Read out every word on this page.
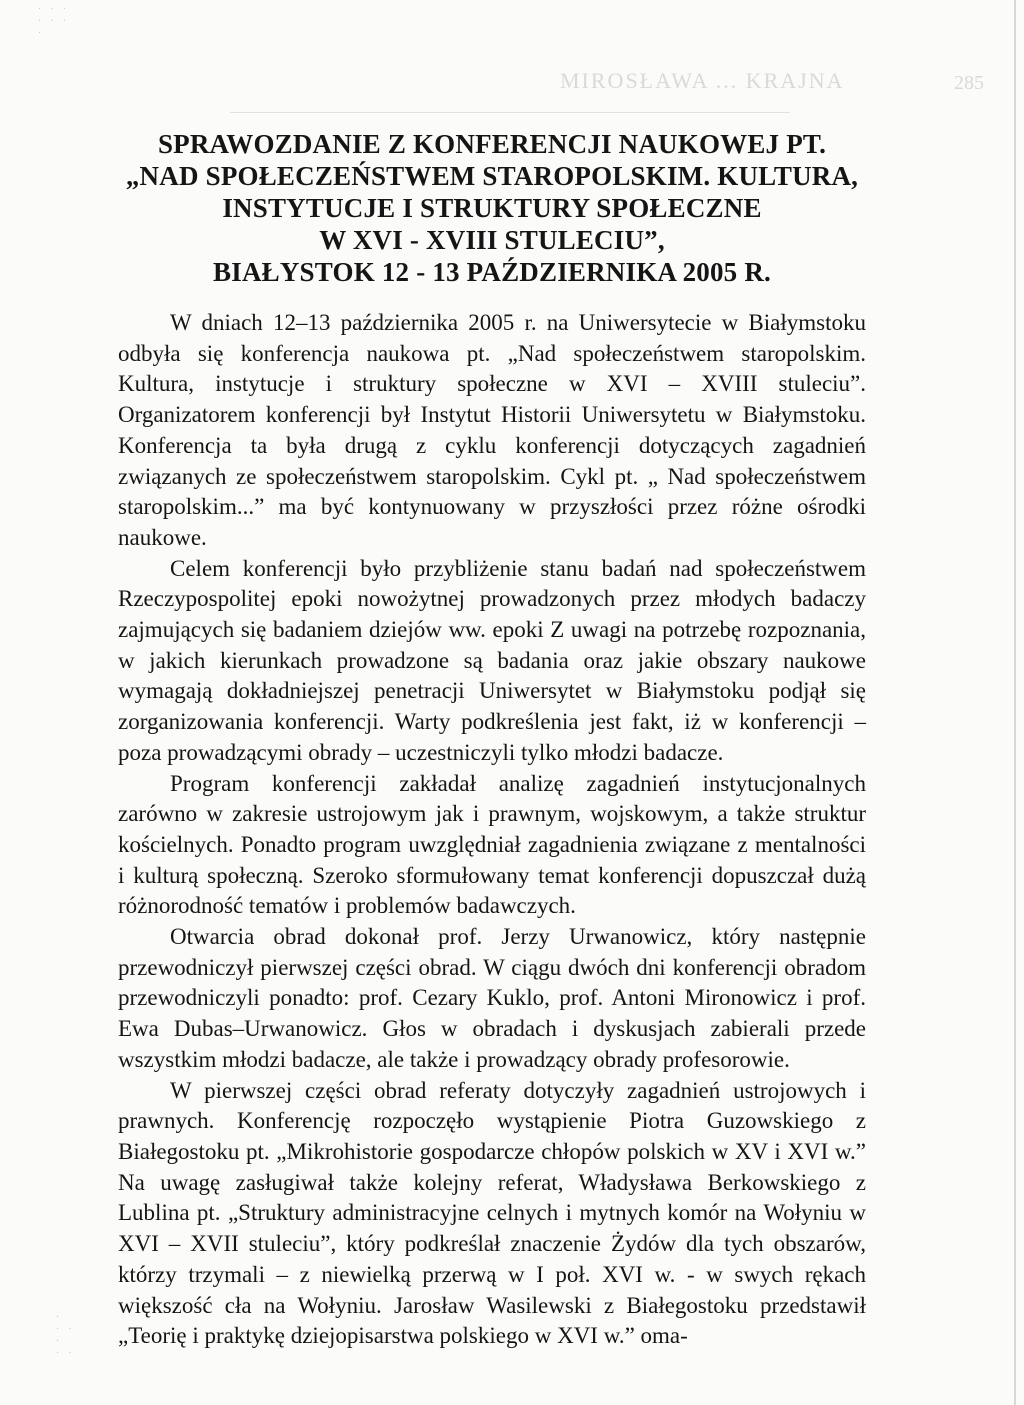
· · ·
· · ·
·
MIROSŁAWA ... KRAJNA	285
·
· ·
·
· ·
SPRAWOZDANIE Z KONFERENCJI NAUKOWEJ PT.
„NAD SPOŁECZEŃSTWEM STAROPOLSKIM. KULTURA,
INSTYTUCJE I STRUKTURY SPOŁECZNE
W XVI - XVIII STULECIU”,
BIAŁYSTOK 12 - 13 PAŹDZIERNIKA 2005 R.

W dniach 12–13 października 2005 r. na Uniwersytecie w Białymstoku odbyła się konferencja naukowa pt. „Nad społeczeństwem staropolskim. Kultura, instytucje i struktury społeczne w XVI – XVIII stuleciu”. Organizatorem konferencji był Instytut Historii Uniwersytetu w Białymstoku. Konferencja ta była drugą z cyklu konferencji dotyczących zagadnień związanych ze społeczeństwem staropolskim. Cykl pt. „ Nad społeczeństwem staropolskim...” ma być kontynuowany w przyszłości przez różne ośrodki naukowe.

Celem konferencji było przybliżenie stanu badań nad społeczeństwem Rzeczypospolitej epoki nowożytnej prowadzonych przez młodych badaczy zajmujących się badaniem dziejów ww. epoki Z uwagi na potrzebę rozpoznania, w jakich kierunkach prowadzone są badania oraz jakie obszary naukowe wymagają dokładniejszej penetracji Uniwersytet w Białymstoku podjął się zorganizowania konferencji. Warty podkreślenia jest fakt, iż w konferencji – poza prowadzącymi obrady – uczestniczyli tylko młodzi badacze.

Program konferencji zakładał analizę zagadnień instytucjonalnych zarówno w zakresie ustrojowym jak i prawnym, wojskowym, a także struktur kościelnych. Ponadto program uwzględniał zagadnienia związane z mentalności i kulturą społeczną. Szeroko sformułowany temat konferencji dopuszczał dużą różnorodność tematów i problemów badawczych.

Otwarcia obrad dokonał prof. Jerzy Urwanowicz, który następnie przewodniczył pierwszej części obrad. W ciągu dwóch dni konferencji obradom przewodniczyli ponadto: prof. Cezary Kuklo, prof. Antoni Mironowicz i prof. Ewa Dubas–Urwanowicz. Głos w obradach i dyskusjach zabierali przede wszystkim młodzi badacze, ale także i prowadzący obrady profesorowie.

W pierwszej części obrad referaty dotyczyły zagadnień ustrojowych i prawnych. Konferencję rozpoczęło wystąpienie Piotra Guzowskiego z Białegostoku pt. „Mikrohistorie gospodarcze chłopów polskich w XV i XVI w.” Na uwagę zasługiwał także kolejny referat, Władysława Berkowskiego z Lublina pt. „Struktury administracyjne celnych i mytnych komór na Wołyniu w XVI – XVII stuleciu”, który podkreślał znaczenie Żydów dla tych obszarów, którzy trzymali – z niewielką przerwą w I poł. XVI w. - w swych rękach większość cła na Wołyniu. Jarosław Wasilewski z Białegostoku przedstawił „Teorię i praktykę dziejopisarstwa polskiego w XVI w.” oma-
